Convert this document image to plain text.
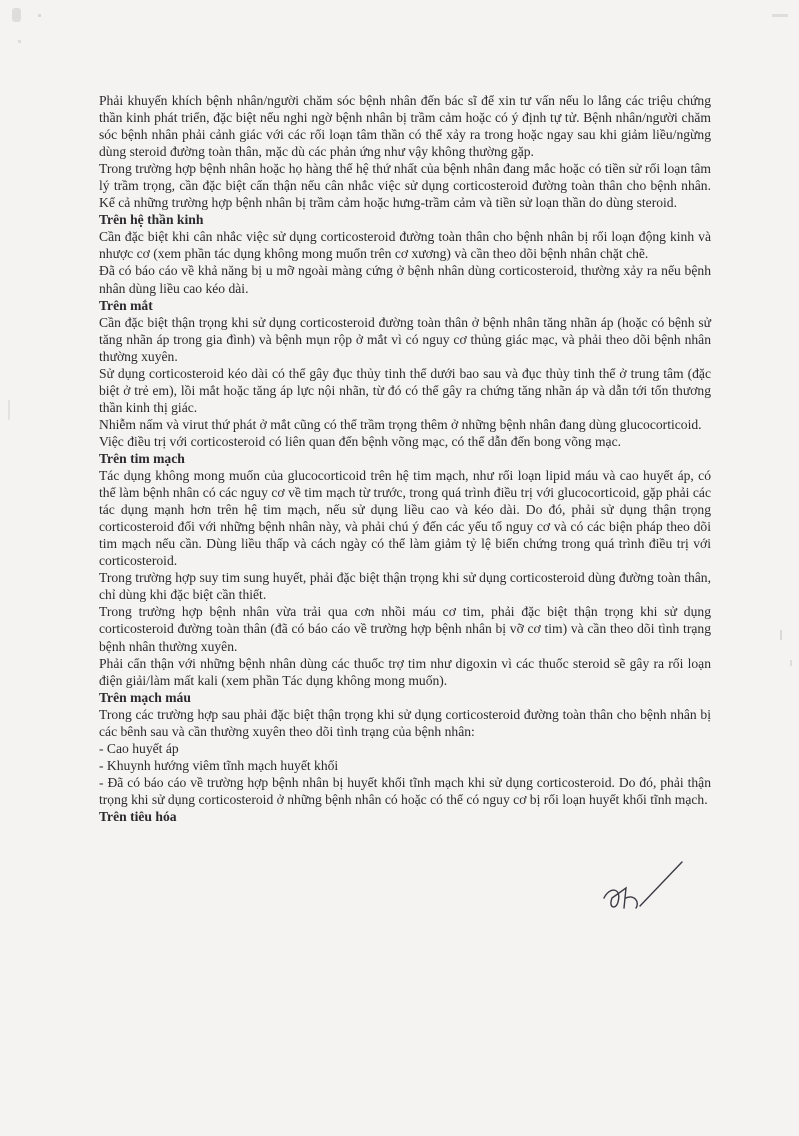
Phải khuyến khích bệnh nhân/người chăm sóc bệnh nhân đến bác sĩ để xin tư vấn nếu lo lắng các triệu chứng thần kinh phát triển, đặc biệt nếu nghi ngờ bệnh nhân bị trầm cảm hoặc có ý định tự tử. Bệnh nhân/người chăm sóc bệnh nhân phải cảnh giác với các rối loạn tâm thần có thể xảy ra trong hoặc ngay sau khi giảm liều/ngừng dùng steroid đường toàn thân, mặc dù các phản ứng như vậy không thường gặp.

Trong trường hợp bệnh nhân hoặc họ hàng thế hệ thứ nhất của bệnh nhân đang mắc hoặc có tiền sử rối loạn tâm lý trầm trọng, cần đặc biệt cẩn thận nếu cân nhắc việc sử dụng corticosteroid đường toàn thân cho bệnh nhân. Kể cả những trường hợp bệnh nhân bị trầm cảm hoặc hưng-trầm cảm và tiền sử loạn thần do dùng steroid.

Trên hệ thần kinh

Cần đặc biệt khi cân nhắc việc sử dụng corticosteroid đường toàn thân cho bệnh nhân bị rối loạn động kinh và nhược cơ (xem phần tác dụng không mong muốn trên cơ xương) và cần theo dõi bệnh nhân chặt chẽ.

Đã có báo cáo về khả năng bị u mỡ ngoài màng cứng ở bệnh nhân dùng corticosteroid, thường xảy ra nếu bệnh nhân dùng liều cao kéo dài.

Trên mắt

Cần đặc biệt thận trọng khi sử dụng corticosteroid đường toàn thân ở bệnh nhân tăng nhãn áp (hoặc có bệnh sử tăng nhãn áp trong gia đình) và bệnh mụn rộp ở mắt vì có nguy cơ thủng giác mạc, và phải theo dõi bệnh nhân thường xuyên.

Sử dụng corticosteroid kéo dài có thể gây đục thủy tinh thể dưới bao sau và đục thủy tinh thể ở trung tâm (đặc biệt ở trẻ em), lồi mắt hoặc tăng áp lực nội nhãn, từ đó có thể gây ra chứng tăng nhãn áp và dẫn tới tổn thương thần kinh thị giác.

Nhiễm nấm và virut thứ phát ở mắt cũng có thể trầm trọng thêm ở những bệnh nhân đang dùng glucocorticoid.

Việc điều trị với corticosteroid có liên quan đến bệnh võng mạc, có thể dẫn đến bong võng mạc.

Trên tim mạch

Tác dụng không mong muốn của glucocorticoid trên hệ tim mạch, như rối loạn lipid máu và cao huyết áp, có thể làm bệnh nhân có các nguy cơ về tim mạch từ trước, trong quá trình điều trị với glucocorticoid, gặp phải các tác dụng mạnh hơn trên hệ tim mạch, nếu sử dụng liều cao và kéo dài. Do đó, phải sử dụng thận trọng corticosteroid đối với những bệnh nhân này, và phải chú ý đến các yếu tố nguy cơ và có các biện pháp theo dõi tim mạch nếu cần. Dùng liều thấp và cách ngày có thể làm giảm tỷ lệ biến chứng trong quá trình điều trị với corticosteroid.

Trong trường hợp suy tim sung huyết, phải đặc biệt thận trọng khi sử dụng corticosteroid dùng đường toàn thân, chỉ dùng khi đặc biệt cần thiết.

Trong trường hợp bệnh nhân vừa trải qua cơn nhồi máu cơ tim, phải đặc biệt thận trọng khi sử dụng corticosteroid đường toàn thân (đã có báo cáo về trường hợp bệnh nhân bị vỡ cơ tim) và cần theo dõi tình trạng bệnh nhân thường xuyên.

Phải cẩn thận với những bệnh nhân dùng các thuốc trợ tim như digoxin vì các thuốc steroid sẽ gây ra rối loạn điện giải/làm mất kali (xem phần Tác dụng không mong muốn).

Trên mạch máu

Trong các trường hợp sau phải đặc biệt thận trọng khi sử dụng corticosteroid đường toàn thân cho bệnh nhân bị các bênh sau và cần thường xuyên theo dõi tình trạng của bệnh nhân:

- Cao huyết áp

- Khuynh hướng viêm tĩnh mạch huyết khối

- Đã có báo cáo về trường hợp bệnh nhân bị huyết khối tĩnh mạch khi sử dụng corticosteroid. Do đó, phải thận trọng khi sử dụng corticosteroid ở những bệnh nhân có hoặc có thể có nguy cơ bị rối loạn huyết khối tĩnh mạch.

Trên tiêu hóa
